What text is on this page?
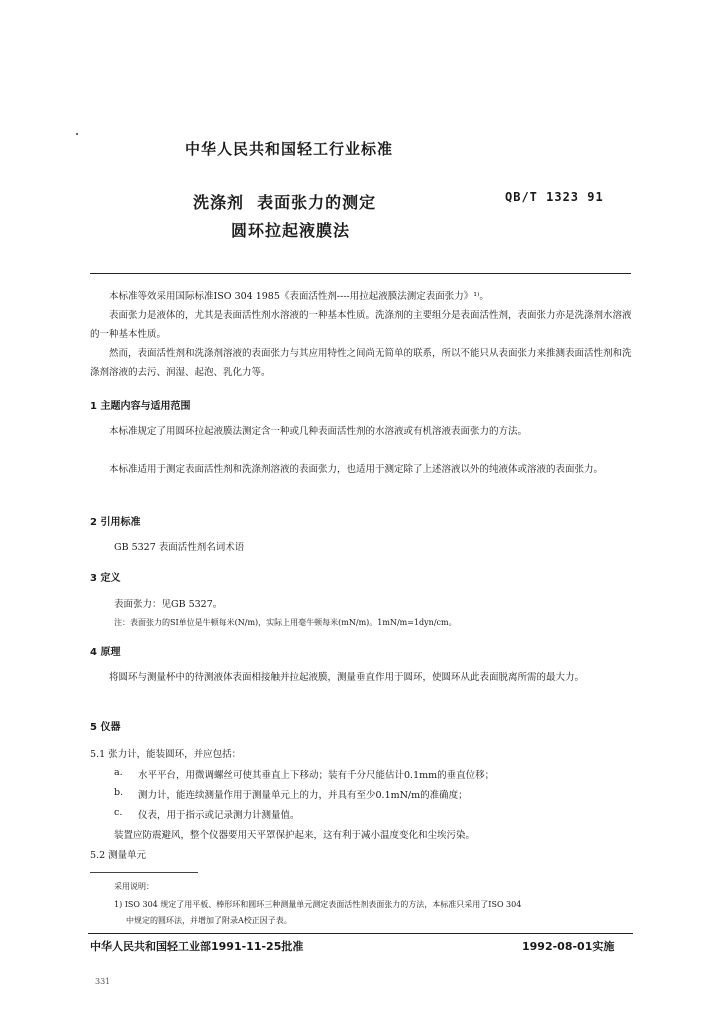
中华人民共和国轻工行业标准
洗涤剂  表面张力的测定
圆环拉起液膜法
QB/T 1323 91

本标准等效采用国际标准ISO 304 1985《表面活性剂----用拉起液膜法测定表面张力》¹⁾。

表面张力是液体的，尤其是表面活性剂水溶液的一种基本性质。洗涤剂的主要组分是表面活性剂，表面张力亦是洗涤剂水溶液的一种基本性质。

然而，表面活性剂和洗涤剂溶液的表面张力与其应用特性之间尚无简单的联系，所以不能只从表面张力来推测表面活性剂和洗涤剂溶液的去污、润湿、起泡、乳化力等。

1 主题内容与适用范围

本标准规定了用圆环拉起液膜法测定含一种或几种表面活性剂的水溶液或有机溶液表面张力的方法。

本标准适用于测定表面活性剂和洗涤剂溶液的表面张力，也适用于测定除了上述溶液以外的纯液体或溶液的表面张力。

2 引用标准
GB 5327 表面活性剂名词术语
3 定义
表面张力：见GB 5327。
注：表面张力的SI单位是牛顿每米(N/m)，实际上用毫牛顿每米(mN/m)。1mN/m=1dyn/cm。
4 原理

将圆环与测量杯中的待测液体表面相接触并拉起液膜，测量垂直作用于圆环，使圆环从此表面脱离所需的最大力。

5 仪器
5.1 张力计，能装圆环，并应包括：
a. 水平平台，用微调螺丝可使其垂直上下移动；装有千分尺能估计0.1mm的垂直位移；
b. 测力计，能连续测量作用于测量单元上的力，并具有至少0.1mN/m的准确度；
c. 仪表，用于指示或记录测力计测量值。
装置应防震避风，整个仪器要用天平罩保护起来，这有利于减小温度变化和尘埃污染。
5.2 测量单元
采用说明：
1) ISO 304 规定了用平板、棒形环和圆环三种测量单元测定表面活性剂表面张力的方法，本标准只采用了ISO 304
中规定的圆环法，并增加了附录A校正因子表。
中华人民共和国轻工业部1991-11-25批准	1992-08-01实施
331
